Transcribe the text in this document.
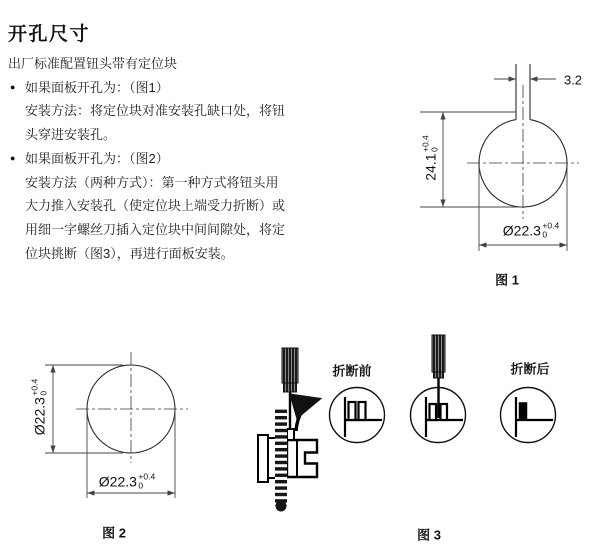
开孔尺寸
出厂标准配置钮头带有定位块
● 如果面板开孔为：（图1）
安装方法：将定位块对准安装孔缺口处，将钮
头穿进安装孔。
● 如果面板开孔为：（图2）
安装方法（两种方式）：第一种方式将钮头用
大力推入安装孔（使定位块上端受力折断）或
用细一字螺丝刀插入定位块中间间隙处，将定
位块挑断（图3），再进行面板安装。
3.2
24.1
+0.4 0
Ø22.3 +0.4
0
图 1
Ø22.3
+0.4 0
Ø22.3 +0.4
0
图 2
折断前	折断后
图 3
